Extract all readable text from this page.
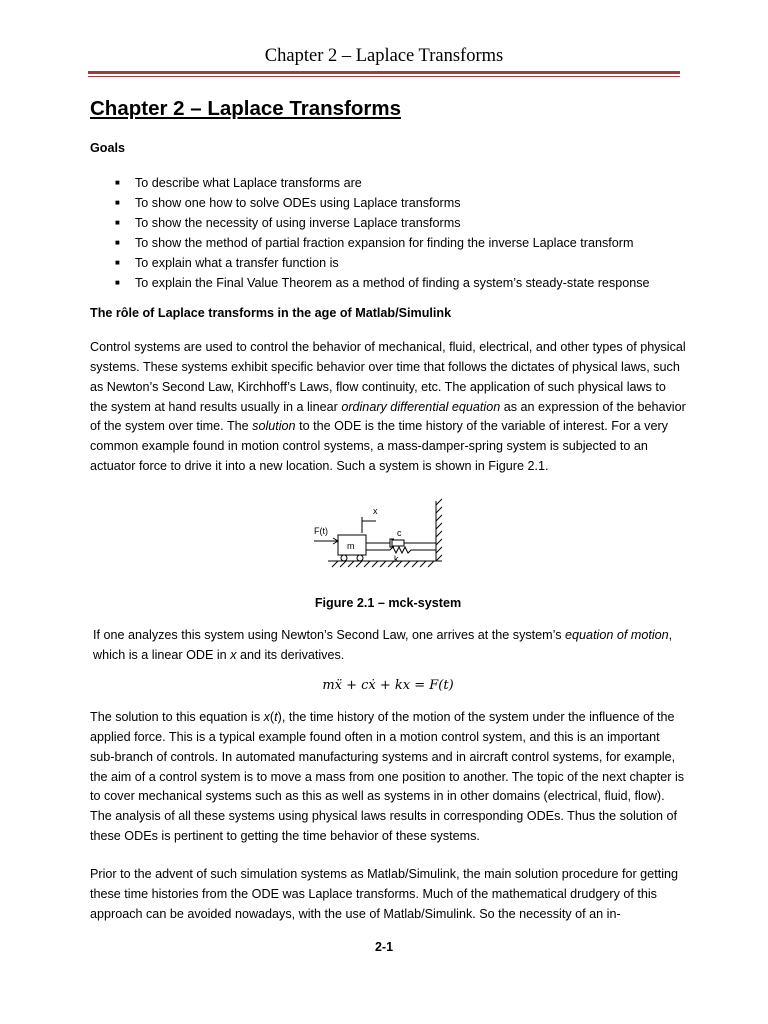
Chapter 2 – Laplace Transforms
Chapter 2 – Laplace Transforms

Goals

■ To describe what Laplace transforms are
■ To show one how to solve ODEs using Laplace transforms
■ To show the necessity of using inverse Laplace transforms
■ To show the method of partial fraction expansion for finding the inverse Laplace transform
■ To explain what a transfer function is
■ To explain the Final Value Theorem as a method of finding a system’s steady-state response

The rôle of Laplace transforms in the age of Matlab/Simulink

Control systems are used to control the behavior of mechanical, fluid, electrical, and other types of physical systems. These systems exhibit specific behavior over time that follows the dictates of physical laws, such as Newton’s Second Law, Kirchhoff’s Laws, flow continuity, etc. The application of such physical laws to the system at hand results usually in a linear ordinary differential equation as an expression of the behavior of the system over time. The solution to the ODE is the time history of the variable of interest. For a very common example found in motion control systems, a mass-damper-spring system is subjected to an actuator force to drive it into a new location. Such a system is shown in Figure 2.1.

F(t)
m
x
c
k

Figure 2.1 – mck-system

If one analyzes this system using Newton’s Second Law, one arrives at the system’s equation of motion, which is a linear ODE in x and its derivatives.

mẍ + cẋ + kx = F(t)

The solution to this equation is x(t), the time history of the motion of the system under the influence of the applied force. This is a typical example found often in a motion control system, and this is an important sub-branch of controls. In automated manufacturing systems and in aircraft control systems, for example, the aim of a control system is to move a mass from one position to another. The topic of the next chapter is to cover mechanical systems such as this as well as systems in in other domains (electrical, fluid, flow). The analysis of all these systems using physical laws results in corresponding ODEs. Thus the solution of these ODEs is pertinent to getting the time behavior of these systems.

Prior to the advent of such simulation systems as Matlab/Simulink, the main solution procedure for getting these time histories from the ODE was Laplace transforms. Much of the mathematical drudgery of this approach can be avoided nowadays, with the use of Matlab/Simulink. So the necessity of an in-

2-1
